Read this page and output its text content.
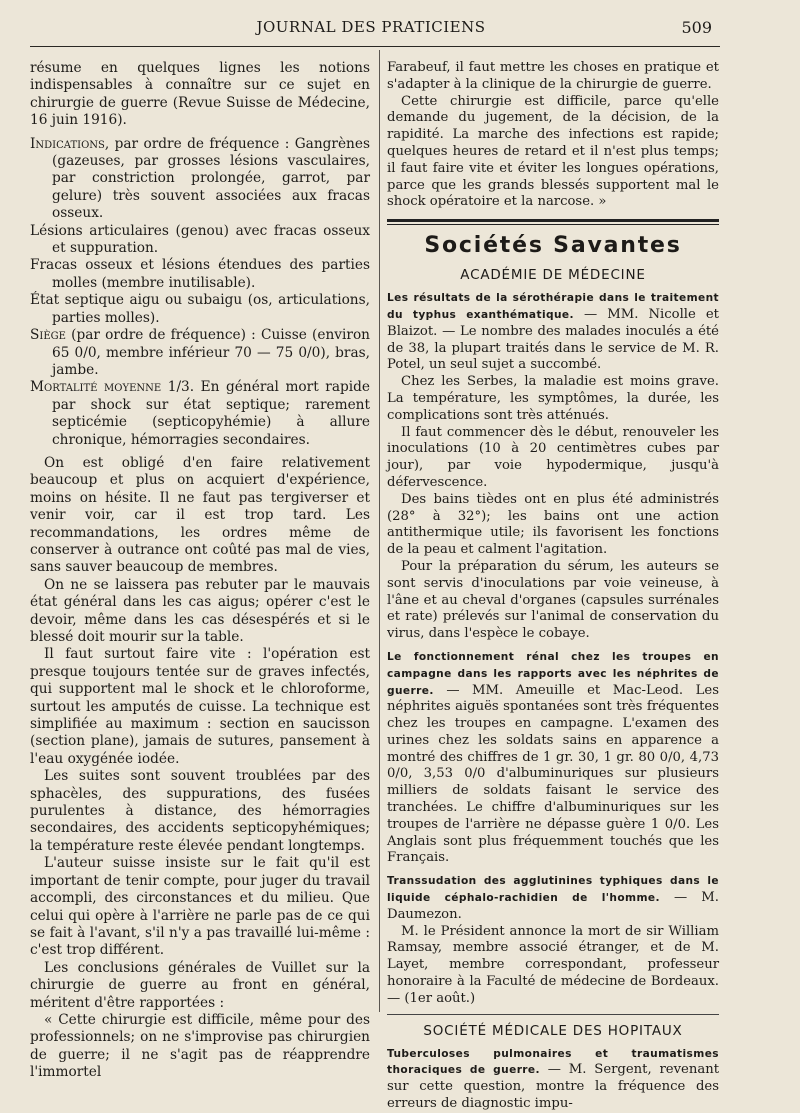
JOURNAL DES PRATICIENS	509

résume en quelques lignes les notions indispensables à connaître sur ce sujet en chirurgie de guerre (Revue Suisse de Médecine, 16 juin 1916).

Indications, par ordre de fréquence : Gangrènes (gazeuses, par grosses lésions vasculaires, par constriction prolongée, garrot, par gelure) très souvent associées aux fracas osseux.

Lésions articulaires (genou) avec fracas osseux et suppuration.

Fracas osseux et lésions étendues des parties molles (membre inutilisable).

État septique aigu ou subaigu (os, articulations, parties molles).

Siège (par ordre de fréquence) : Cuisse (environ 65 0/0, membre inférieur 70 — 75 0/0), bras, jambe.

Mortalité moyenne 1/3. En général mort rapide par shock sur état septique; rarement septicémie (septicopyhémie) à allure chronique, hémorragies secondaires.

On est obligé d'en faire relativement beaucoup et plus on acquiert d'expérience, moins on hésite. Il ne faut pas tergiverser et venir voir, car il est trop tard. Les recommandations, les ordres même de conserver à outrance ont coûté pas mal de vies, sans sauver beaucoup de membres.

On ne se laissera pas rebuter par le mauvais état général dans les cas aigus; opérer c'est le devoir, même dans les cas désespérés et si le blessé doit mourir sur la table.

Il faut surtout faire vite : l'opération est presque toujours tentée sur de graves infectés, qui supportent mal le shock et le chloroforme, surtout les amputés de cuisse. La technique est simplifiée au maximum : section en saucisson (section plane), jamais de sutures, pansement à l'eau oxygénée iodée.

Les suites sont souvent troublées par des sphacèles, des suppurations, des fusées purulentes à distance, des hémorragies secondaires, des accidents septicopyhémiques; la température reste élevée pendant longtemps.

L'auteur suisse insiste sur le fait qu'il est important de tenir compte, pour juger du travail accompli, des circonstances et du milieu. Que celui qui opère à l'arrière ne parle pas de ce qui se fait à l'avant, s'il n'y a pas travaillé lui-même : c'est trop différent.

Les conclusions générales de Vuillet sur la chirurgie de guerre au front en général, méritent d'être rapportées :

« Cette chirurgie est difficile, même pour des professionnels; on ne s'improvise pas chirurgien de guerre; il ne s'agit pas de réapprendre l'immortel

Farabeuf, il faut mettre les choses en pratique et s'adapter à la clinique de la chirurgie de guerre.

Cette chirurgie est difficile, parce qu'elle demande du jugement, de la décision, de la rapidité. La marche des infections est rapide; quelques heures de retard et il n'est plus temps; il faut faire vite et éviter les longues opérations, parce que les grands blessés supportent mal le shock opératoire et la narcose. »

Sociétés Savantes
ACADÉMIE DE MÉDECINE

Les résultats de la sérothérapie dans le traitement du typhus exanthématique. — MM. Nicolle et Blaizot. — Le nombre des malades inoculés a été de 38, la plupart traités dans le service de M. R. Potel, un seul sujet a succombé.

Chez les Serbes, la maladie est moins grave. La température, les symptômes, la durée, les complications sont très atténués.

Il faut commencer dès le début, renouveler les inoculations (10 à 20 centimètres cubes par jour), par voie hypodermique, jusqu'à défervescence.

Des bains tièdes ont en plus été administrés (28° à 32°); les bains ont une action antithermique utile; ils favorisent les fonctions de la peau et calment l'agitation.

Pour la préparation du sérum, les auteurs se sont servis d'inoculations par voie veineuse, à l'âne et au cheval d'organes (capsules surrénales et rate) prélevés sur l'animal de conservation du virus, dans l'espèce le cobaye.

Le fonctionnement rénal chez les troupes en campagne dans les rapports avec les néphrites de guerre. — MM. Ameuille et Mac-Leod. Les néphrites aiguës spontanées sont très fréquentes chez les troupes en campagne. L'examen des urines chez les soldats sains en apparence a montré des chiffres de 1 gr. 30, 1 gr. 80 0/0, 4,73 0/0, 3,53 0/0 d'albuminuriques sur plusieurs milliers de soldats faisant le service des tranchées. Le chiffre d'albuminuriques sur les troupes de l'arrière ne dépasse guère 1 0/0. Les Anglais sont plus fréquemment touchés que les Français.

Transsudation des agglutinines typhiques dans le liquide céphalo-rachidien de l'homme. — M. Daumezon.

M. le Président annonce la mort de sir William Ramsay, membre associé étranger, et de M. Layet, membre correspondant, professeur honoraire à la Faculté de médecine de Bordeaux. — (1er août.)

SOCIÉTÉ MÉDICALE DES HOPITAUX

Tuberculoses pulmonaires et traumatismes thoraciques de guerre. — M. Sergent, revenant sur cette question, montre la fréquence des erreurs de diagnostic impu-
